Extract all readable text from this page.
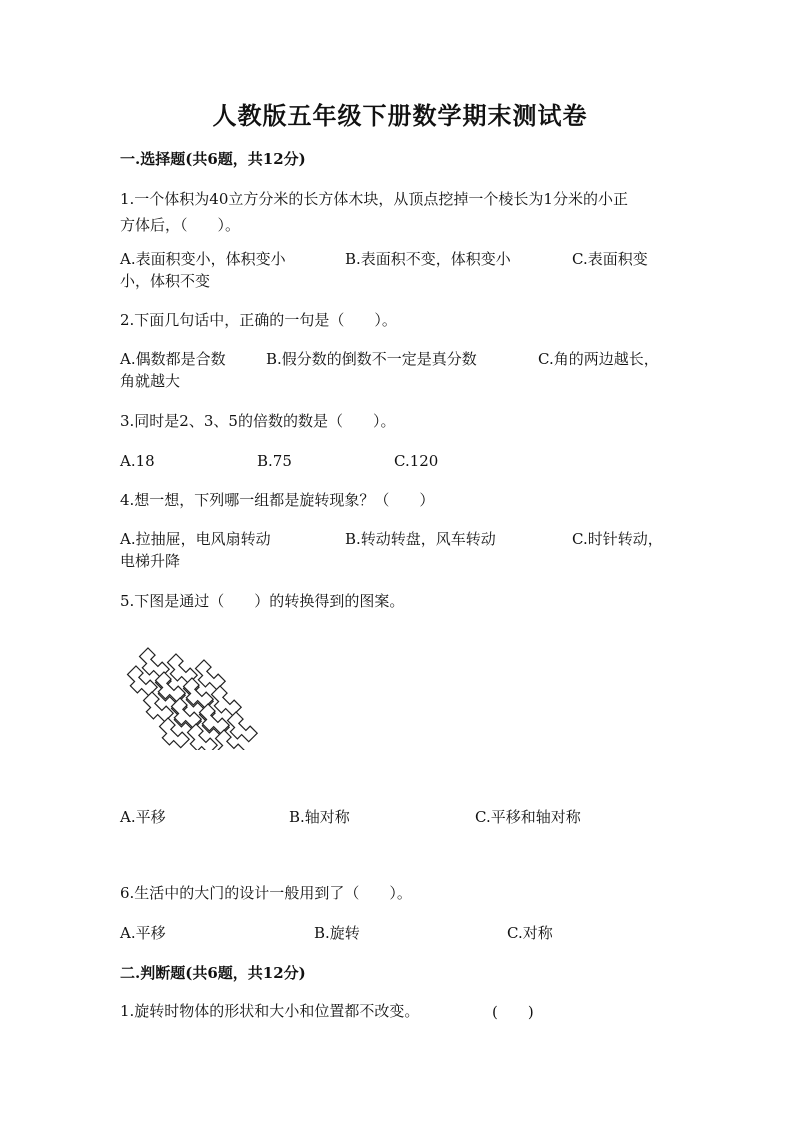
人教版五年级下册数学期末测试卷
一.选择题(共6题，共12分)
1.一个体积为40立方分米的长方体木块，从顶点挖掉一个棱长为1分米的小正
方体后，（　　）。
A.表面积变小，体积变小	B.表面积不变，体积变小	C.表面积变
小，体积不变
2.下面几句话中，正确的一句是（　　）。
A.偶数都是合数	B.假分数的倒数不一定是真分数	C.角的两边越长，
角就越大
3.同时是2、3、5的倍数的数是（　　）。
A.18	B.75	C.120
4.想一想，下列哪一组都是旋转现象？（　　）
A.拉抽屉，电风扇转动	B.转动转盘，风车转动	C.时针转动，
电梯升降
5.下图是通过（　　）的转换得到的图案。
A.平移	B.轴对称	C.平移和轴对称
6.生活中的大门的设计一般用到了（　　）。
A.平移	B.旋转	C.对称
二.判断题(共6题，共12分)
1.旋转时物体的形状和大小和位置都不改变。	(　　)
